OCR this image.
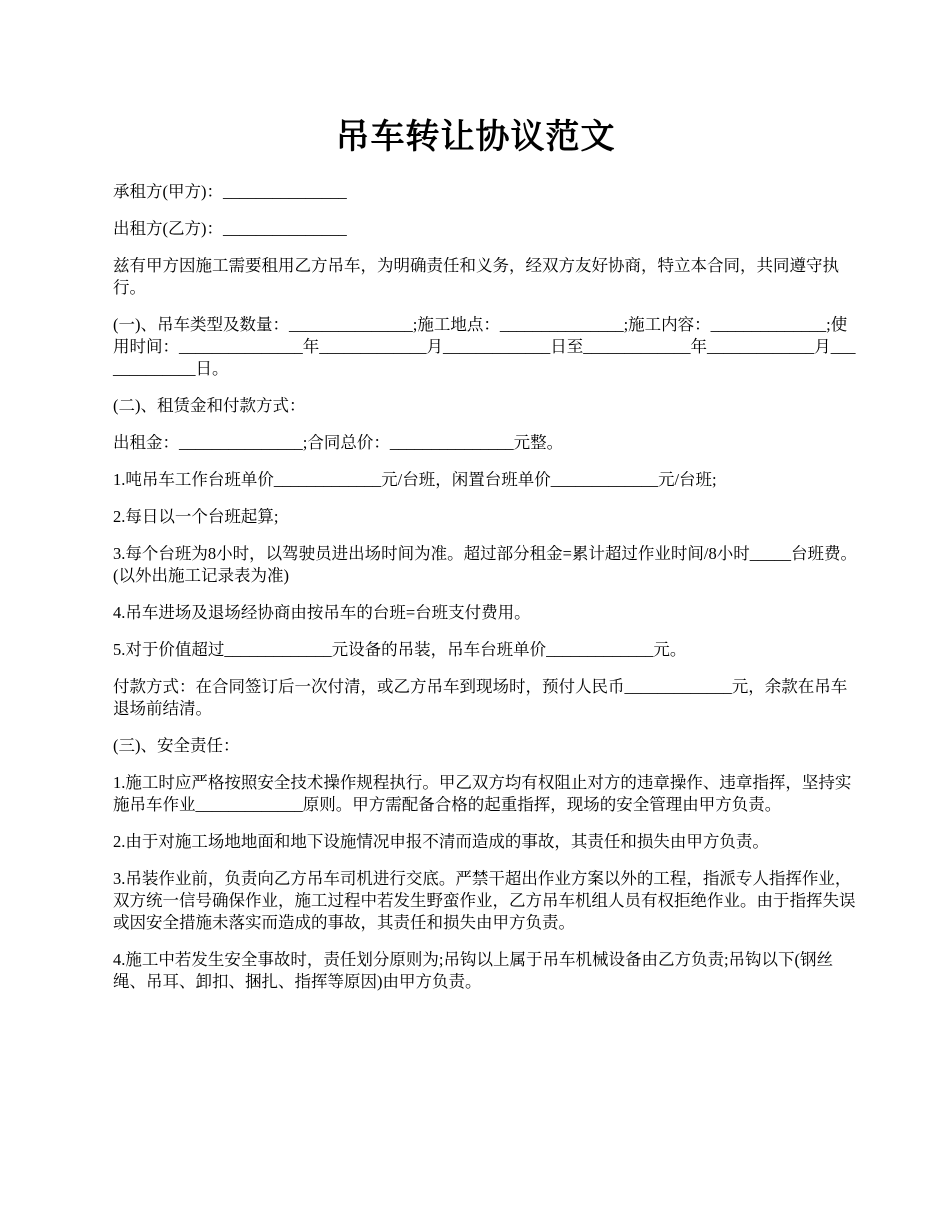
吊车转让协议范文

承租方(甲方)：_______________

出租方(乙方)：_______________

兹有甲方因施工需要租用乙方吊车，为明确责任和义务，经双方友好协商，特立本合同，共同遵守执行。

(一)、吊车类型及数量：_______________;施工地点：_______________;施工内容：______________;使用时间：_______________年_____________月_____________日至_____________年_____________月_____________日。

(二)、租赁金和付款方式：

出租金：_______________;合同总价：_______________元整。

1.吨吊车工作台班单价_____________元/台班，闲置台班单价_____________元/台班;

2.每日以一个台班起算;

3.每个台班为8小时，以驾驶员进出场时间为准。超过部分租金=累计超过作业时间/8小时_____台班费。(以外出施工记录表为准)

4.吊车进场及退场经协商由按吊车的台班=台班支付费用。

5.对于价值超过_____________元设备的吊装，吊车台班单价_____________元。

付款方式：在合同签订后一次付清，或乙方吊车到现场时，预付人民币_____________元，余款在吊车退场前结清。

(三)、安全责任：

1.施工时应严格按照安全技术操作规程执行。甲乙双方均有权阻止对方的违章操作、违章指挥，坚持实施吊车作业_____________原则。甲方需配备合格的起重指挥，现场的安全管理由甲方负责。

2.由于对施工场地地面和地下设施情况申报不清而造成的事故，其责任和损失由甲方负责。

3.吊装作业前，负责向乙方吊车司机进行交底。严禁干超出作业方案以外的工程，指派专人指挥作业，双方统一信号确保作业，施工过程中若发生野蛮作业，乙方吊车机组人员有权拒绝作业。由于指挥失误或因安全措施未落实而造成的事故，其责任和损失由甲方负责。

4.施工中若发生安全事故时，责任划分原则为;吊钩以上属于吊车机械设备由乙方负责;吊钩以下(钢丝绳、吊耳、卸扣、捆扎、指挥等原因)由甲方负责。
